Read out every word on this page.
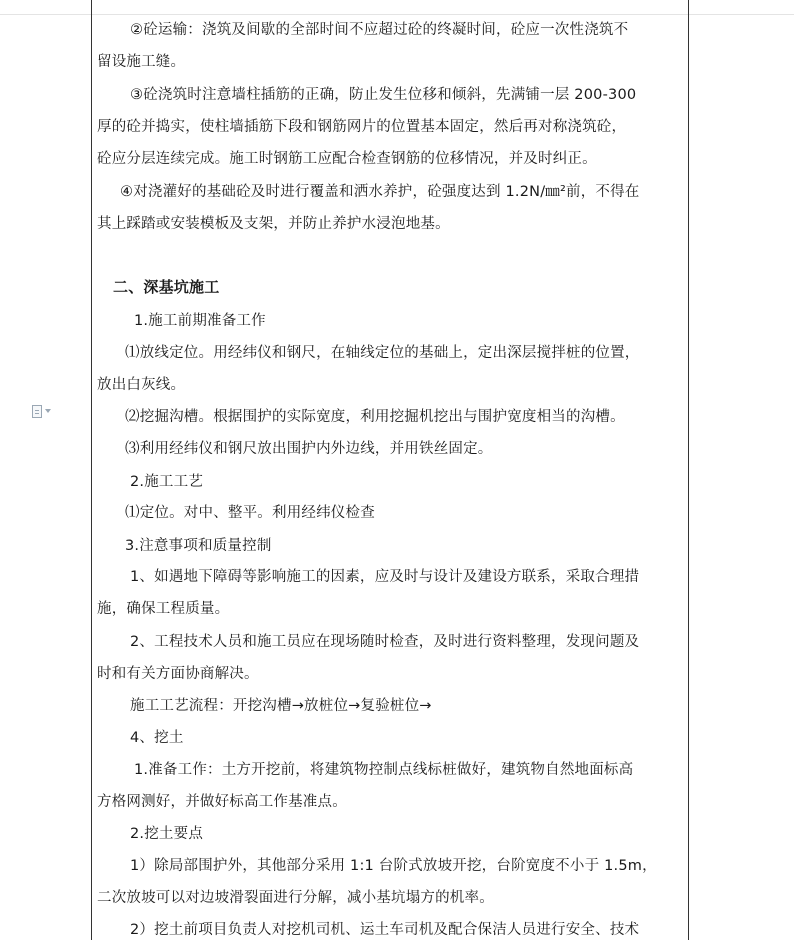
②砼运输：浇筑及间歇的全部时间不应超过砼的终凝时间，砼应一次性浇筑不
留设施工缝。
③砼浇筑时注意墙柱插筋的正确，防止发生位移和倾斜，先满铺一层 200-300
厚的砼并捣实，使柱墙插筋下段和钢筋网片的位置基本固定，然后再对称浇筑砼，
砼应分层连续完成。施工时钢筋工应配合检查钢筋的位移情况，并及时纠正。
④对浇灌好的基础砼及时进行覆盖和洒水养护，砼强度达到 1.2N/㎜²前，不得在
其上踩踏或安装模板及支架，并防止养护水浸泡地基。
二、深基坑施工
1.施工前期准备工作
⑴放线定位。用经纬仪和钢尺，在轴线定位的基础上，定出深层搅拌桩的位置，
放出白灰线。
⑵挖掘沟槽。根据围护的实际宽度，利用挖掘机挖出与围护宽度相当的沟槽。
⑶利用经纬仪和钢尺放出围护内外边线，并用铁丝固定。
2.施工工艺
⑴定位。对中、整平。利用经纬仪检查
3.注意事项和质量控制
1、如遇地下障碍等影响施工的因素，应及时与设计及建设方联系，采取合理措
施，确保工程质量。
2、工程技术人员和施工员应在现场随时检查，及时进行资料整理，发现问题及
时和有关方面协商解决。
施工工艺流程：开挖沟槽→放桩位→复验桩位→
4、挖土
1.准备工作：土方开挖前，将建筑物控制点线标桩做好，建筑物自然地面标高
方格网测好，并做好标高工作基准点。
2.挖土要点
1）除局部围护外，其他部分采用 1:1 台阶式放坡开挖，台阶宽度不小于 1.5m，
二次放坡可以对边坡滑裂面进行分解，减小基坑塌方的机率。
2）挖土前项目负责人对挖机司机、运土车司机及配合保洁人员进行安全、技术
